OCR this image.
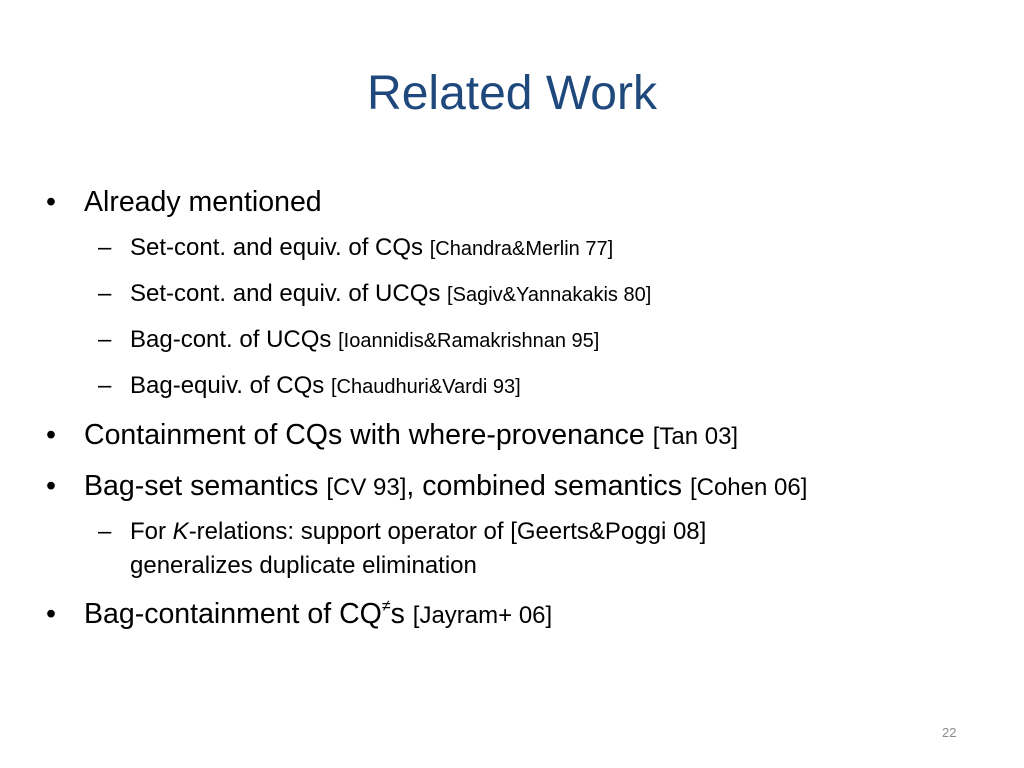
Related Work
• Already mentioned
– Set-cont. and equiv. of CQs [Chandra&Merlin 77]
– Set-cont. and equiv. of UCQs [Sagiv&Yannakakis 80]
– Bag-cont. of UCQs [Ioannidis&Ramakrishnan 95]
– Bag-equiv. of CQs [Chaudhuri&Vardi 93]
• Containment of CQs with where-provenance [Tan 03]
• Bag-set semantics [CV 93], combined semantics [Cohen 06]
– For K-relations: support operator of [Geerts&Poggi 08]
generalizes duplicate elimination
• Bag-containment of CQ≠s [Jayram+ 06]
22
